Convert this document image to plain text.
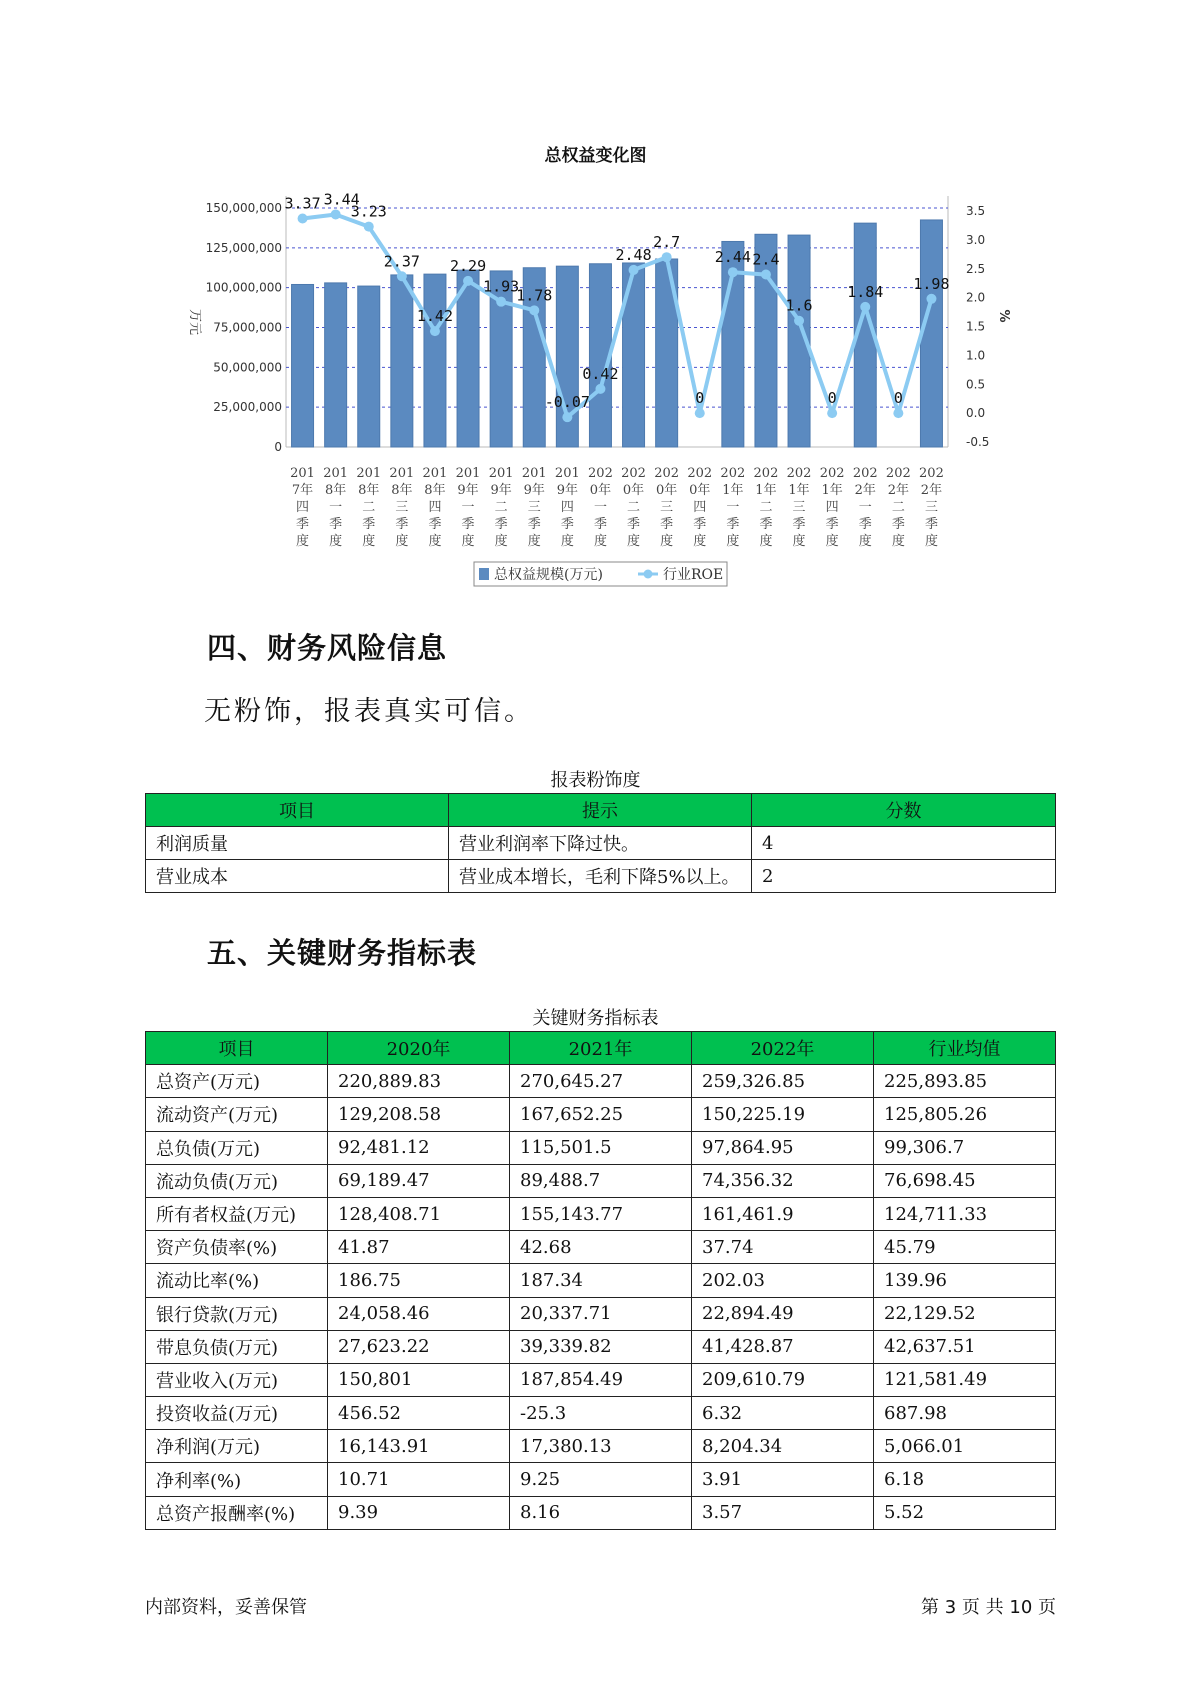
总权益变化图
150,000,000
125,000,000
100,000,000
75,000,000
50,000,000
25,000,000
0
3.5
3.0
2.5
2.0
1.5
1.0
0.5
0.0
-0.5
万元	%
3.37 3.44
3.23
2.37
1.42
2.29
1.93
1.78
-0.07
0.42
2.48
2.7
0
2.44 2.4
1.6
0
1.84
0
1.98
201
7年
四
季
度
201
8年
一
季
度
201
8年
二
季
度
201
8年
三
季
度
201
8年
四
季
度
201
9年
一
季
度
201
9年
二
季
度
201
9年
三
季
度
201
9年
四
季
度
202
0年
一
季
度
202
0年
二
季
度
202
0年
三
季
度
202
0年
四
季
度
202
1年
一
季
度
202
1年
二
季
度
202
1年
三
季
度
202
1年
四
季
度
202
2年
一
季
度
202
2年
二
季
度
202
2年
三
季
度
总权益规模(万元)	行业ROE
四、财务风险信息
无粉饰，报表真实可信。
报表粉饰度
项目	提示	分数
利润质量	营业利润率下降过快。	4
营业成本	营业成本增长，毛利下降5%以上。	2
五、关键财务指标表
关键财务指标表
项目	2020年	2021年	2022年	行业均值
总资产(万元)	220,889.83	270,645.27	259,326.85	225,893.85
流动资产(万元)	129,208.58	167,652.25	150,225.19	125,805.26
总负债(万元)	92,481.12	115,501.5	97,864.95	99,306.7
流动负债(万元)	69,189.47	89,488.7	74,356.32	76,698.45
所有者权益(万元)	128,408.71	155,143.77	161,461.9	124,711.33
资产负债率(%)	41.87	42.68	37.74	45.79
流动比率(%)	186.75	187.34	202.03	139.96
银行贷款(万元)	24,058.46	20,337.71	22,894.49	22,129.52
带息负债(万元)	27,623.22	39,339.82	41,428.87	42,637.51
营业收入(万元)	150,801	187,854.49	209,610.79	121,581.49
投资收益(万元)	456.52	-25.3	6.32	687.98
净利润(万元)	16,143.91	17,380.13	8,204.34	5,066.01
净利率(%)	10.71	9.25	3.91	6.18
总资产报酬率(%)	9.39	8.16	3.57	5.52
内部资料，妥善保管	第 3 页 共 10 页
